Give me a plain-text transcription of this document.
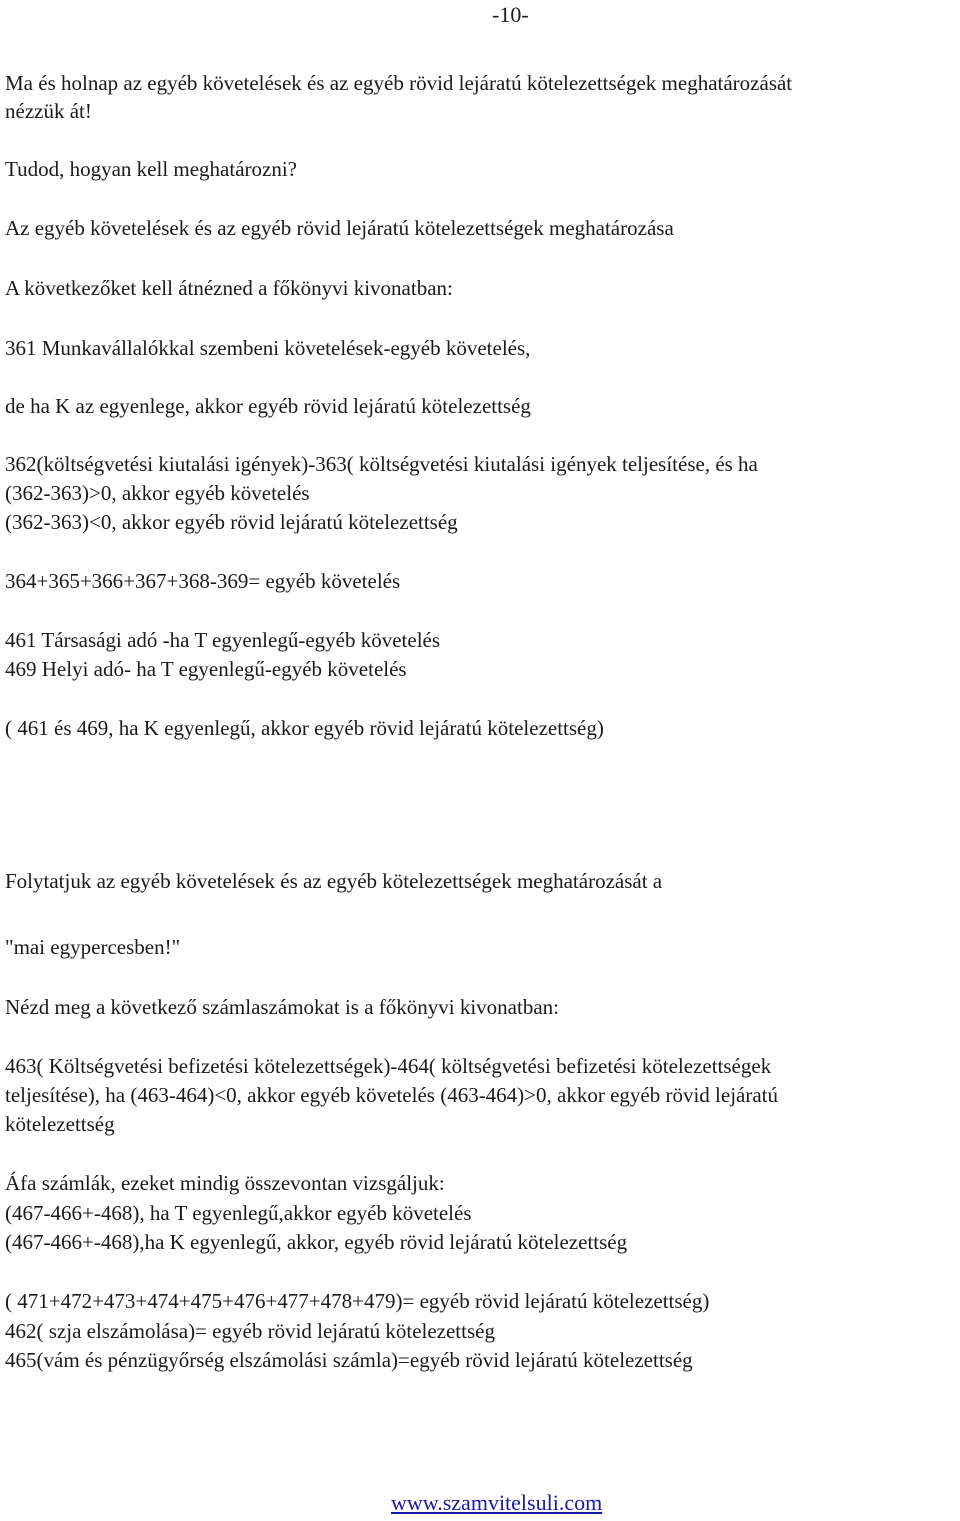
-10-
Ma és holnap az egyéb követelések és az egyéb rövid lejáratú kötelezettségek meghatározását
nézzük át!
Tudod, hogyan kell meghatározni?
Az egyéb követelések és az egyéb rövid lejáratú kötelezettségek meghatározása
A következőket kell átnézned a főkönyvi kivonatban:
361 Munkavállalókkal szembeni követelések-egyéb követelés,
de ha K az egyenlege, akkor egyéb rövid lejáratú kötelezettség
362(költségvetési kiutalási igények)-363( költségvetési kiutalási igények teljesítése, és ha
(362-363)>0, akkor egyéb követelés
(362-363)<0, akkor egyéb rövid lejáratú kötelezettség
364+365+366+367+368-369= egyéb követelés
461 Társasági adó -ha T egyenlegű-egyéb követelés
469 Helyi adó- ha T egyenlegű-egyéb követelés
( 461 és 469, ha K egyenlegű, akkor egyéb rövid lejáratú kötelezettség)
Folytatjuk az egyéb követelések és az egyéb kötelezettségek meghatározását a
"mai egypercesben!"
Nézd meg a következő számlaszámokat is a főkönyvi kivonatban:
463( Költségvetési befizetési kötelezettségek)-464( költségvetési befizetési kötelezettségek
teljesítése), ha (463-464)<0, akkor egyéb követelés (463-464)>0, akkor egyéb rövid lejáratú
kötelezettség
Áfa számlák, ezeket mindig összevontan vizsgáljuk:
(467-466+-468), ha T egyenlegű,akkor egyéb követelés
(467-466+-468),ha K egyenlegű, akkor, egyéb rövid lejáratú kötelezettség
( 471+472+473+474+475+476+477+478+479)= egyéb rövid lejáratú kötelezettség)
462( szja elszámolása)= egyéb rövid lejáratú kötelezettség
465(vám és pénzügyőrség elszámolási számla)=egyéb rövid lejáratú kötelezettség
www.szamvitelsuli.com
